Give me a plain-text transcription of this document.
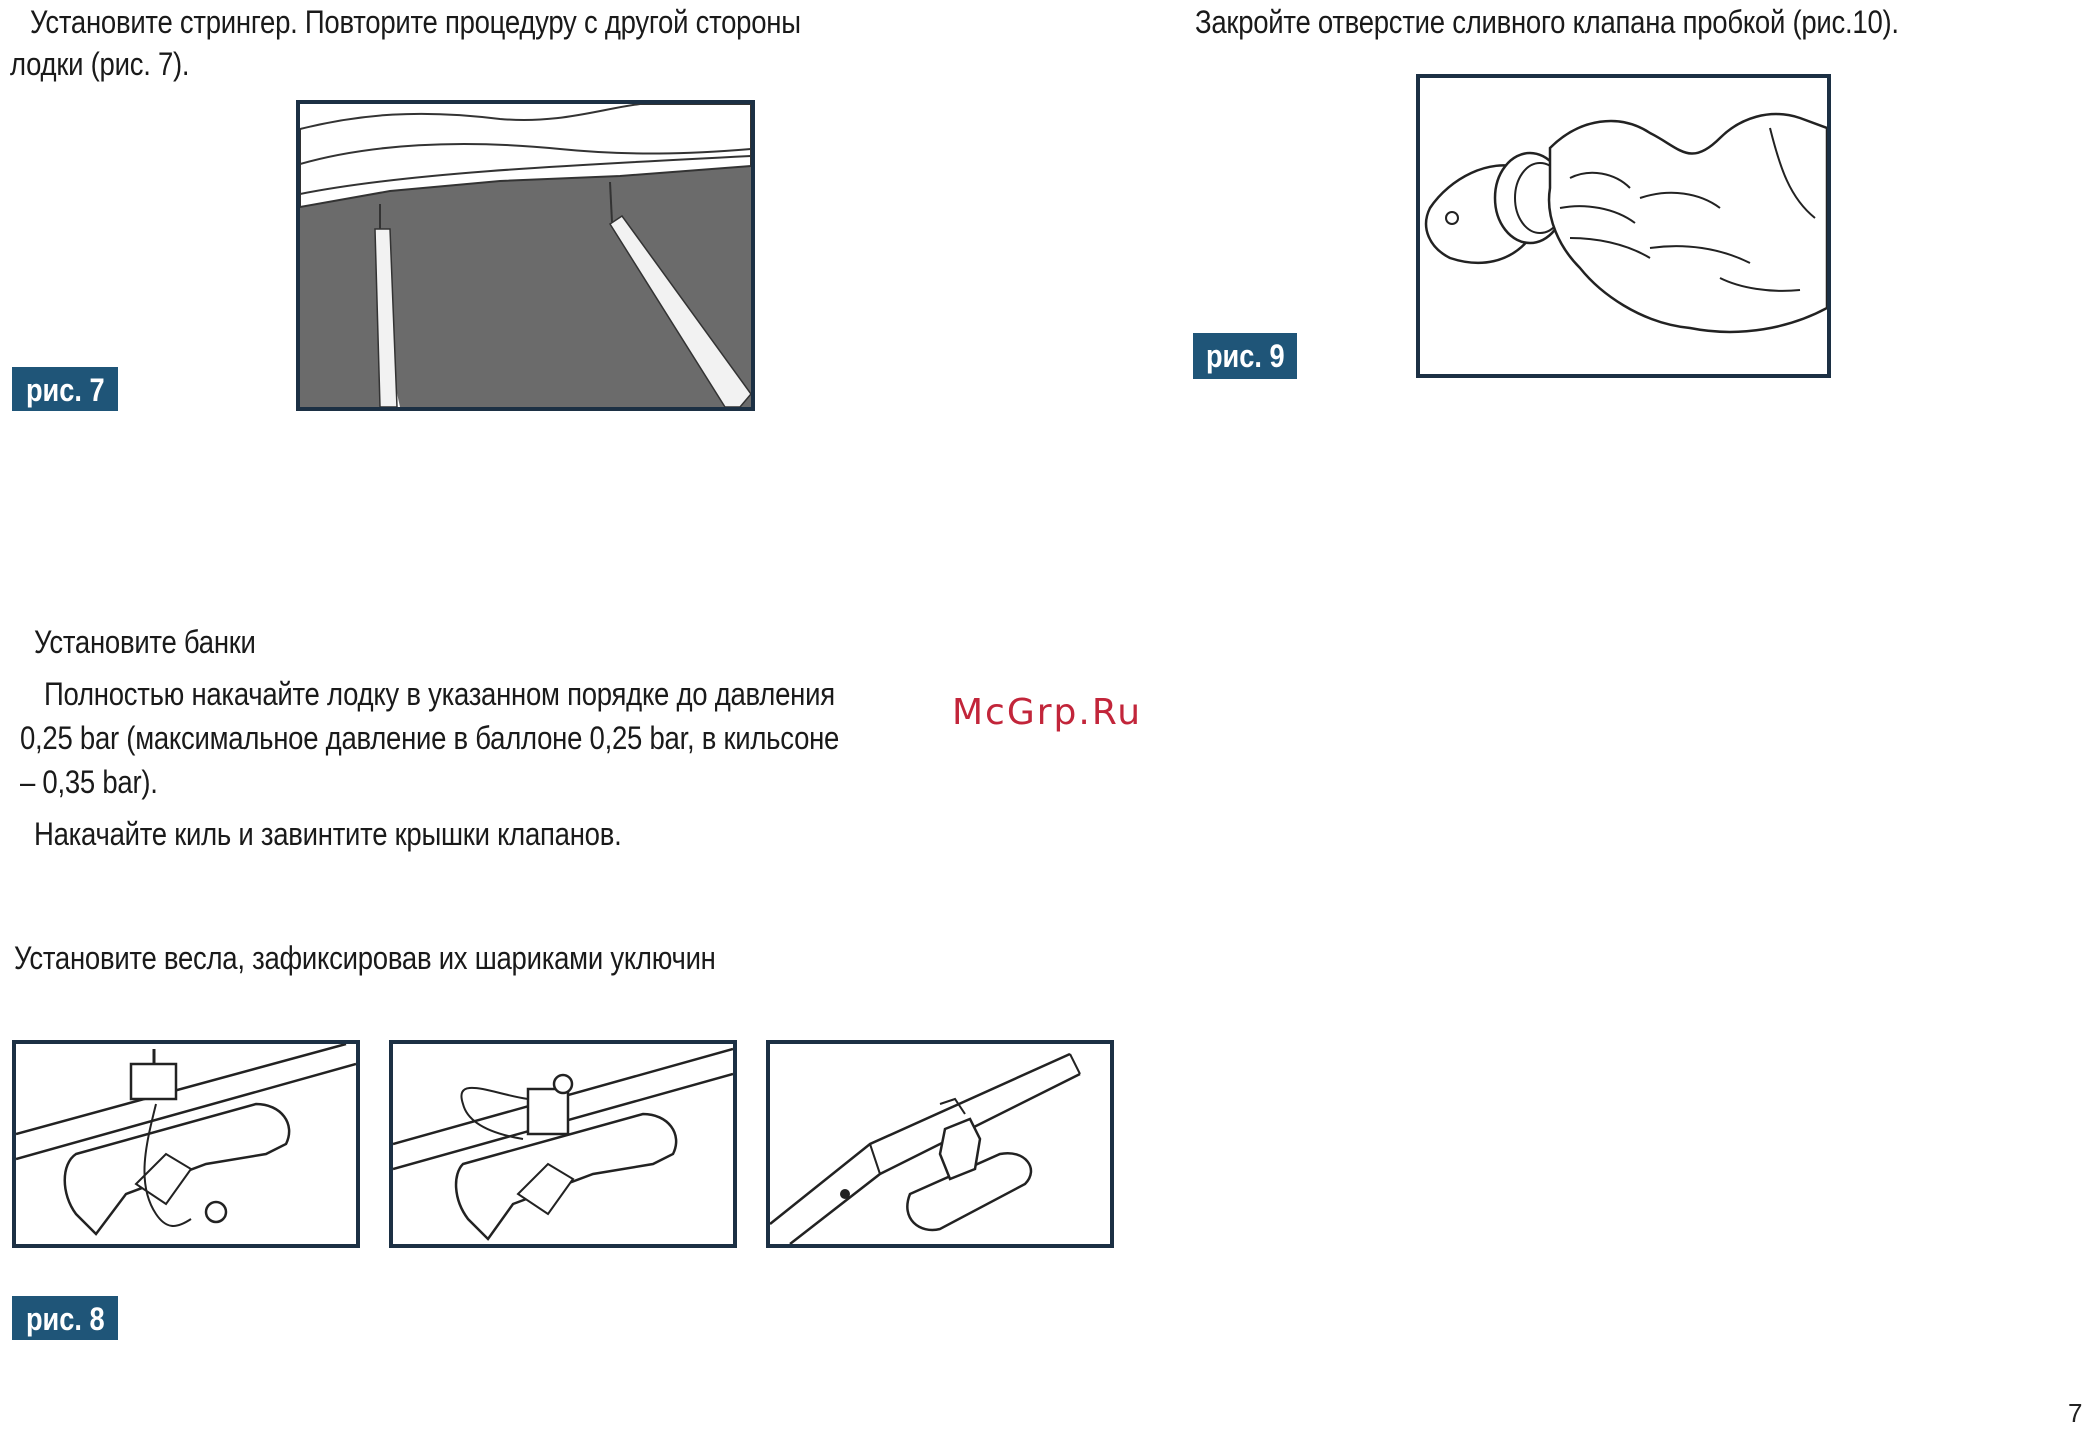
Установите стрингер. Повторите процедуру с другой стороны

лодки (рис. 7).

рис. 7

Закройте отверстие сливного клапана пробкой (рис.10).

рис. 9

Установите банки

Полностью накачайте лодку в указанном порядке до давления

0,25 bar (максимальное давление в баллоне 0,25 bar, в кильсоне

– 0,35 bar).

Накачайте киль и завинтите крышки клапанов.

McGrp.Ru

Установите весла, зафиксировав их шариками уключин

рис. 8
7
